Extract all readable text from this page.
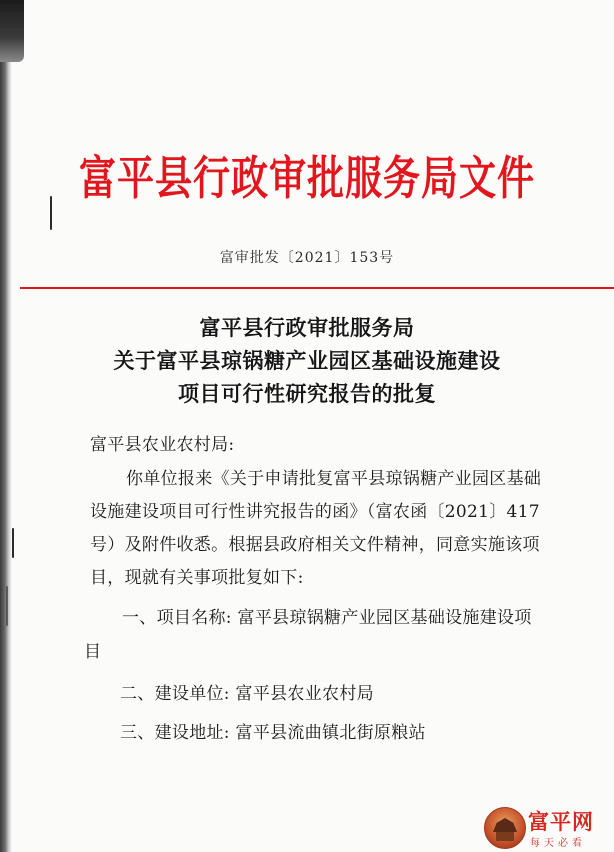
富平县行政审批服务局文件
富审批发〔2021〕153号
富平县行政审批服务局
关于富平县琼锅糖产业园区基础设施建设
项目可行性研究报告的批复
富平县农业农村局:
你单位报来《关于申请批复富平县琼锅糖产业园区基础
设施建设项目可行性讲究报告的函》（富农函〔2021〕417
号）及附件收悉。根据县政府相关文件精神，同意实施该项
目，现就有关事项批复如下:
一、项目名称: 富平县琼锅糖产业园区基础设施建设项
目
二、建设单位: 富平县农业农村局
三、建设地址: 富平县流曲镇北街原粮站
富平网
每天必看
